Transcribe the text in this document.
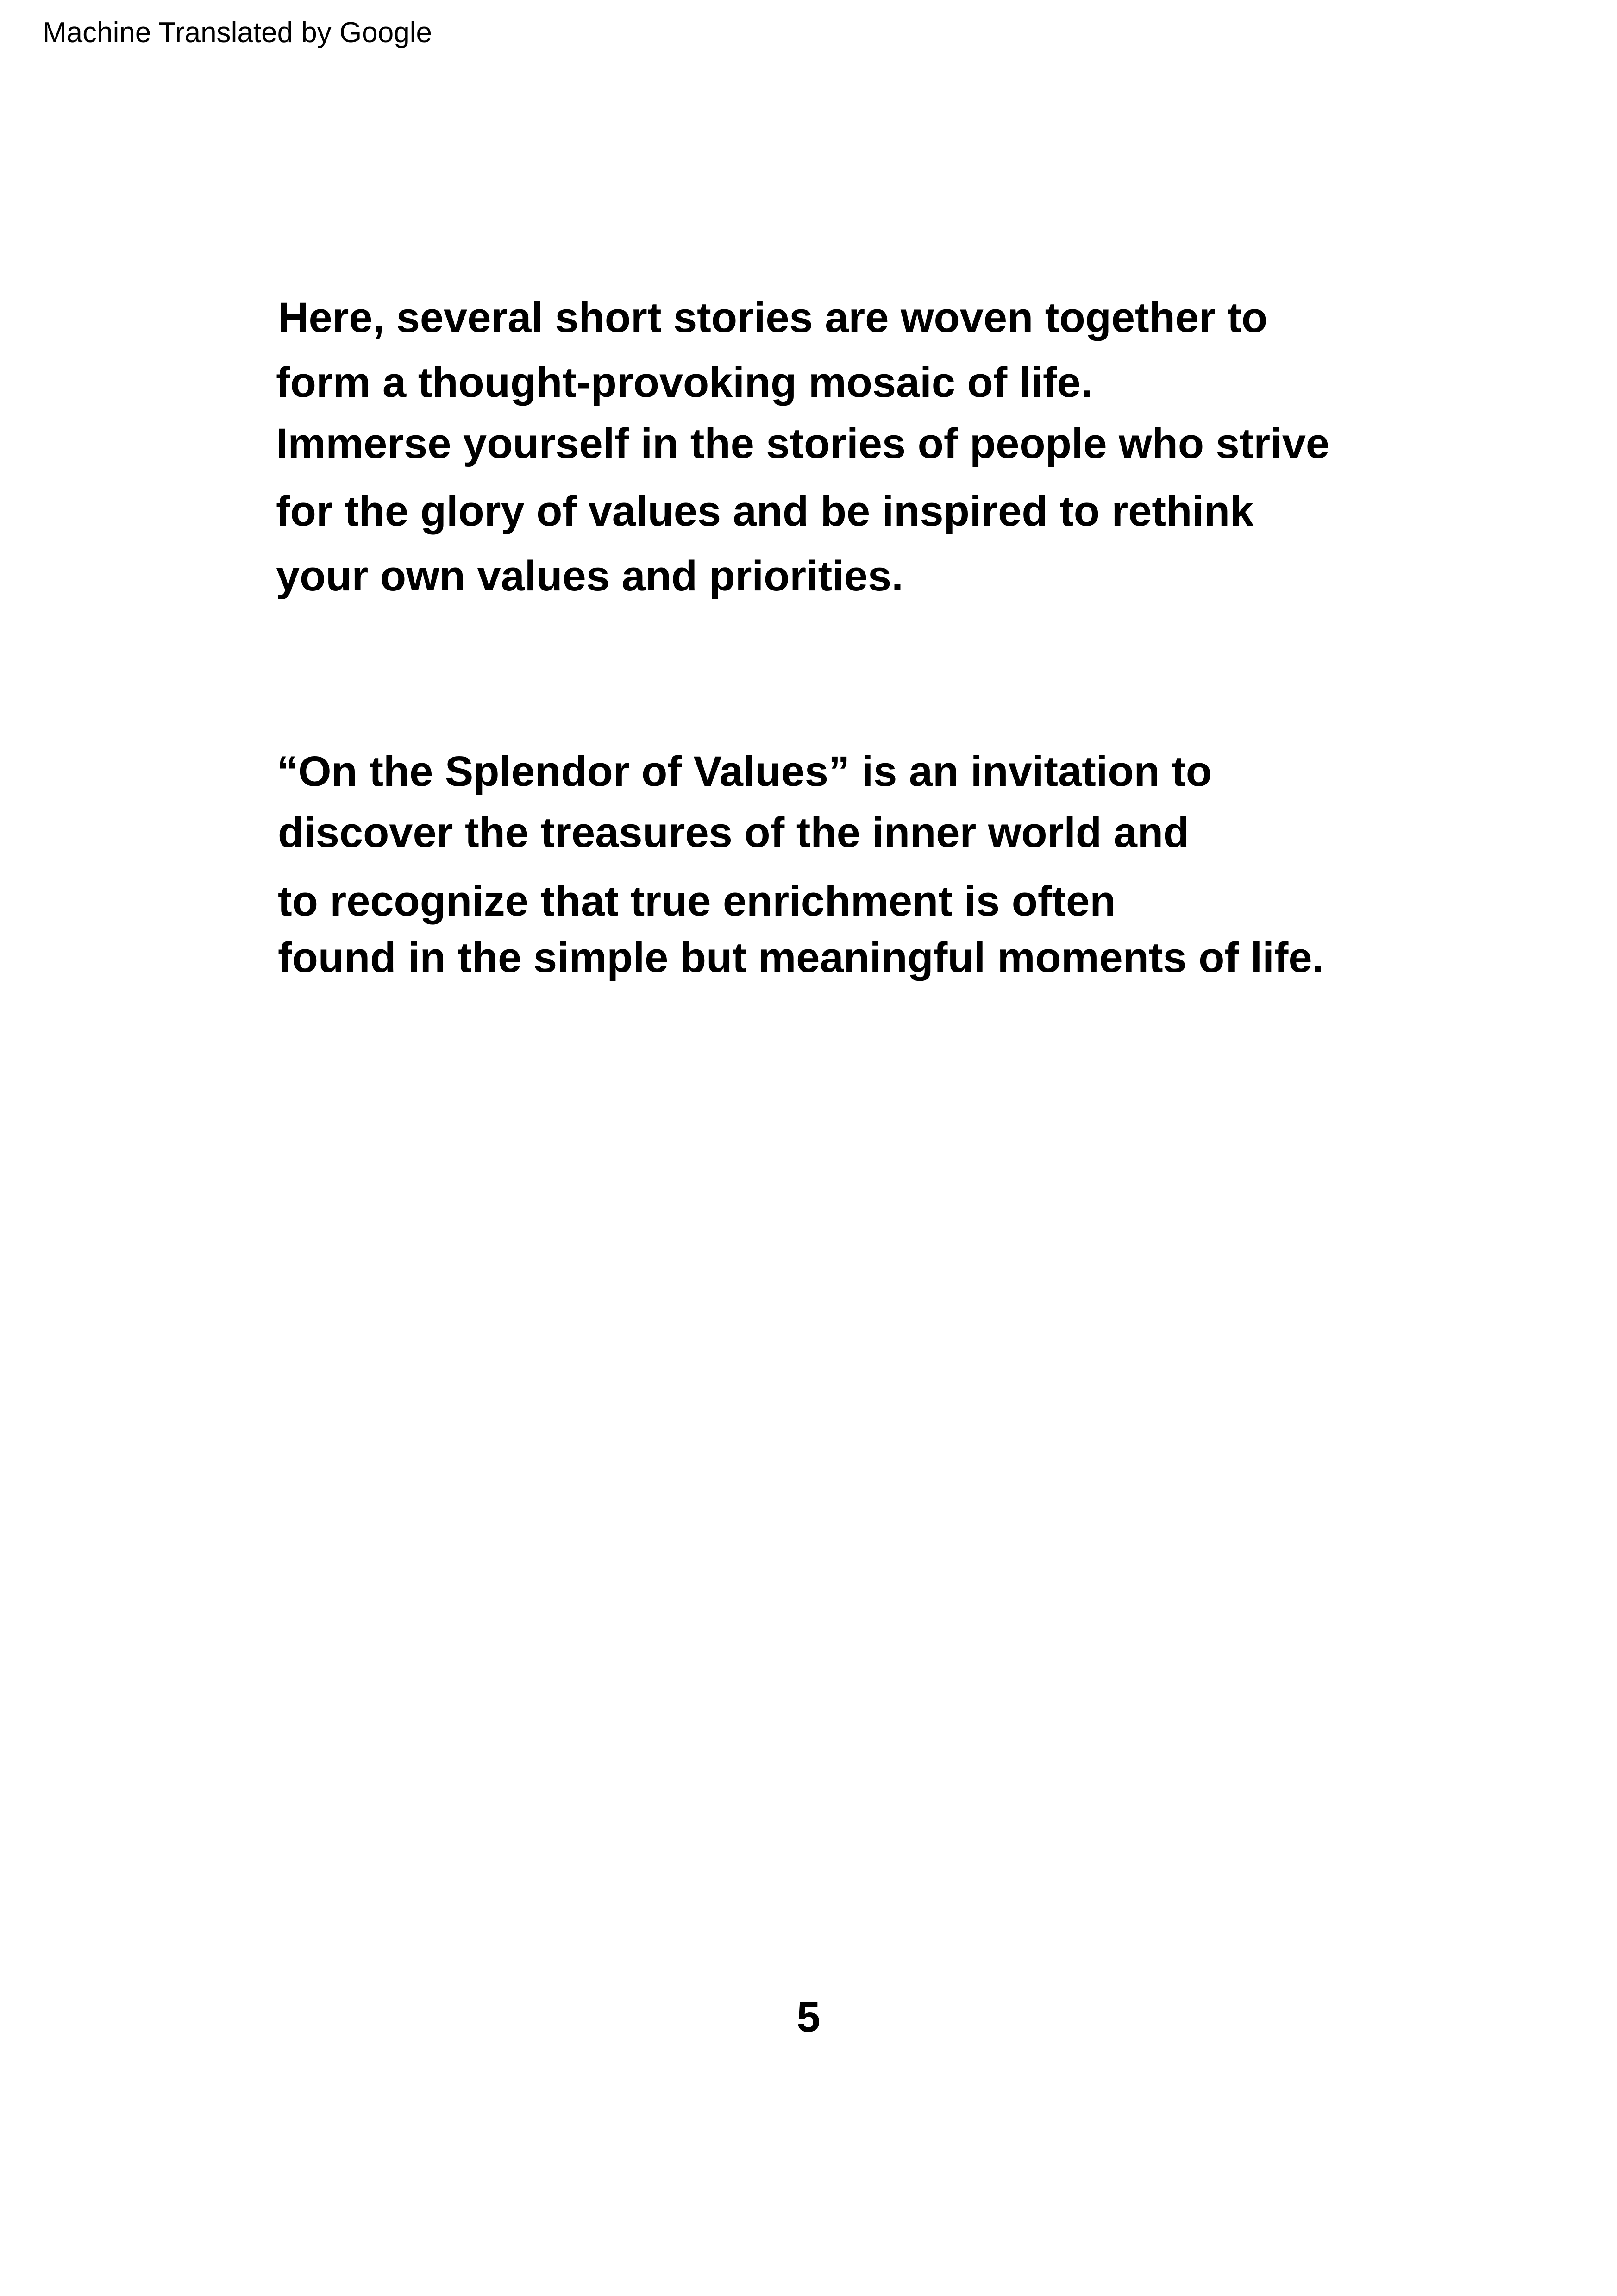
Machine Translated by Google
Here, several short stories are woven together to
form a thought-provoking mosaic of life.
Immerse yourself in the stories of people who strive
for the glory of values and be inspired to rethink
your own values and priorities.
“On the Splendor of Values” is an invitation to
discover the treasures of the inner world and
to recognize that true enrichment is often
found in the simple but meaningful moments of life.
5
